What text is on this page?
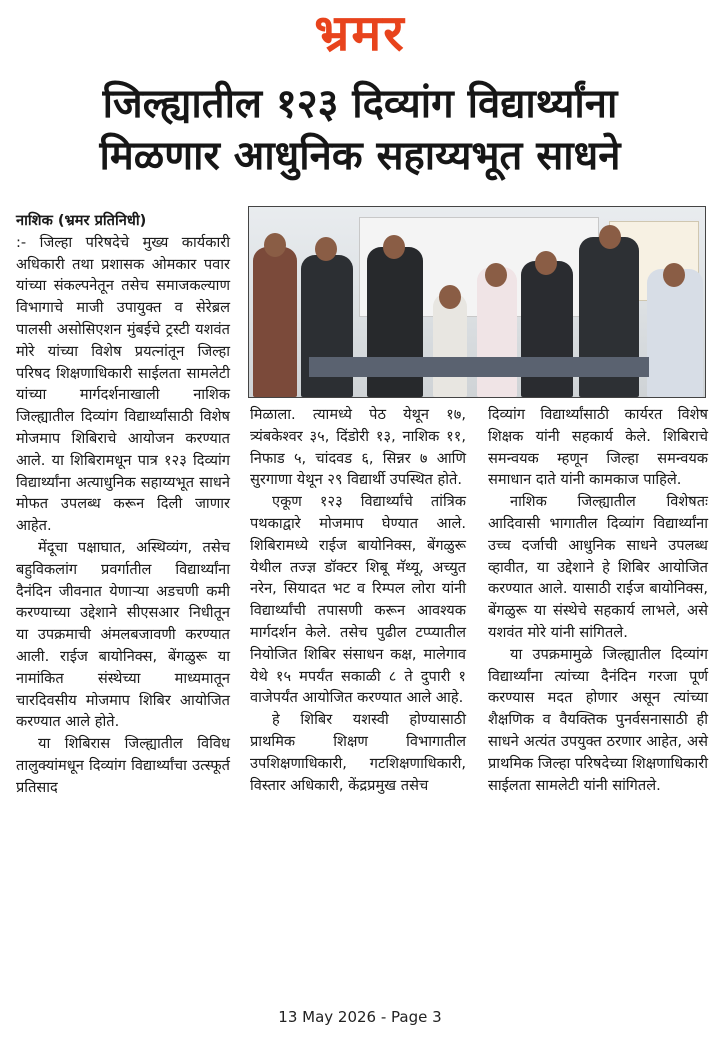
भ्रमर
जिल्ह्यातील १२३ दिव्यांग विद्यार्थ्यांना
मिळणार आधुनिक सहाय्यभूत साधने

नाशिक (भ्रमर प्रतिनिधी)

:- जिल्हा परिषदेचे मुख्य कार्यकारी अधिकारी तथा प्रशासक ओमकार पवार यांच्या संकल्पनेतून तसेच समाजकल्याण विभागाचे माजी उपायुक्त व सेरेब्रल पालसी असोसिएशन मुंबईचे ट्रस्टी यशवंत मोरे यांच्या विशेष प्रयत्नांतून जिल्हा परिषद शिक्षणाधिकारी साईलता सामलेटी यांच्या मार्गदर्शनाखाली नाशिक जिल्ह्यातील दिव्यांग विद्यार्थ्यांसाठी विशेष मोजमाप शिबिराचे आयोजन करण्यात आले. या शिबिरामधून पात्र १२३ दिव्यांग विद्यार्थ्यांना अत्याधुनिक सहाय्यभूत साधने मोफत उपलब्ध करून दिली जाणार आहेत.

मेंदूचा पक्षाघात, अस्थिव्यंग, तसेच बहुविकलांग प्रवर्गातील विद्यार्थ्यांना दैनंदिन जीवनात येणाऱ्या अडचणी कमी करण्याच्या उद्देशाने सीएसआर निधीतून या उपक्रमाची अंमलबजावणी करण्यात आली. राईज बायोनिक्स, बेंगळुरू या नामांकित संस्थेच्या माध्यमातून चारदिवसीय मोजमाप शिबिर आयोजित करण्यात आले होते.

या शिबिरास जिल्ह्यातील विविध तालुक्यांमधून दिव्यांग विद्यार्थ्यांचा उत्स्फूर्त प्रतिसाद

मिळाला. त्यामध्ये पेठ येथून १७, त्र्यंबकेश्वर ३५, दिंडोरी १३, नाशिक ११, निफाड ५, चांदवड ६, सिन्नर ७ आणि सुरगाणा येथून २९ विद्यार्थी उपस्थित होते.

एकूण १२३ विद्यार्थ्यांचे तांत्रिक पथकाद्वारे मोजमाप घेण्यात आले. शिबिरामध्ये राईज बायोनिक्स, बेंगळुरू येथील तज्ज्ञ डॉक्टर शिबू मॅथ्यू, अच्युत नरेन, सियादत भट व रिम्पल लोरा यांनी विद्यार्थ्यांची तपासणी करून आवश्यक मार्गदर्शन केले. तसेच पुढील टप्प्यातील नियोजित शिबिर संसाधन कक्ष, मालेगाव येथे १५ मपर्यंत सकाळी ८ ते दुपारी १ वाजेपर्यंत आयोजित करण्यात आले आहे.

हे शिबिर यशस्वी होण्यासाठी प्राथमिक शिक्षण विभागातील उपशिक्षणाधिकारी, गटशिक्षणाधिकारी, विस्तार अधिकारी, केंद्रप्रमुख तसेच

दिव्यांग विद्यार्थ्यांसाठी कार्यरत विशेष शिक्षक यांनी सहकार्य केले. शिबिराचे समन्वयक म्हणून जिल्हा समन्वयक समाधान दाते यांनी कामकाज पाहिले.

नाशिक जिल्ह्यातील विशेषतः आदिवासी भागातील दिव्यांग विद्यार्थ्यांना उच्च दर्जाची आधुनिक साधने उपलब्ध व्हावीत, या उद्देशाने हे शिबिर आयोजित करण्यात आले. यासाठी राईज बायोनिक्स, बेंगळुरू या संस्थेचे सहकार्य लाभले, असे यशवंत मोरे यांनी सांगितले.

या उपक्रमामुळे जिल्ह्यातील दिव्यांग विद्यार्थ्यांना त्यांच्या दैनंदिन गरजा पूर्ण करण्यास मदत होणार असून त्यांच्या शैक्षणिक व वैयक्तिक पुनर्वसनासाठी ही साधने अत्यंत उपयुक्त ठरणार आहेत, असे प्राथमिक जिल्हा परिषदेच्या शिक्षणाधिकारी साईलता सामलेटी यांनी सांगितले.

13 May 2026 - Page 3
